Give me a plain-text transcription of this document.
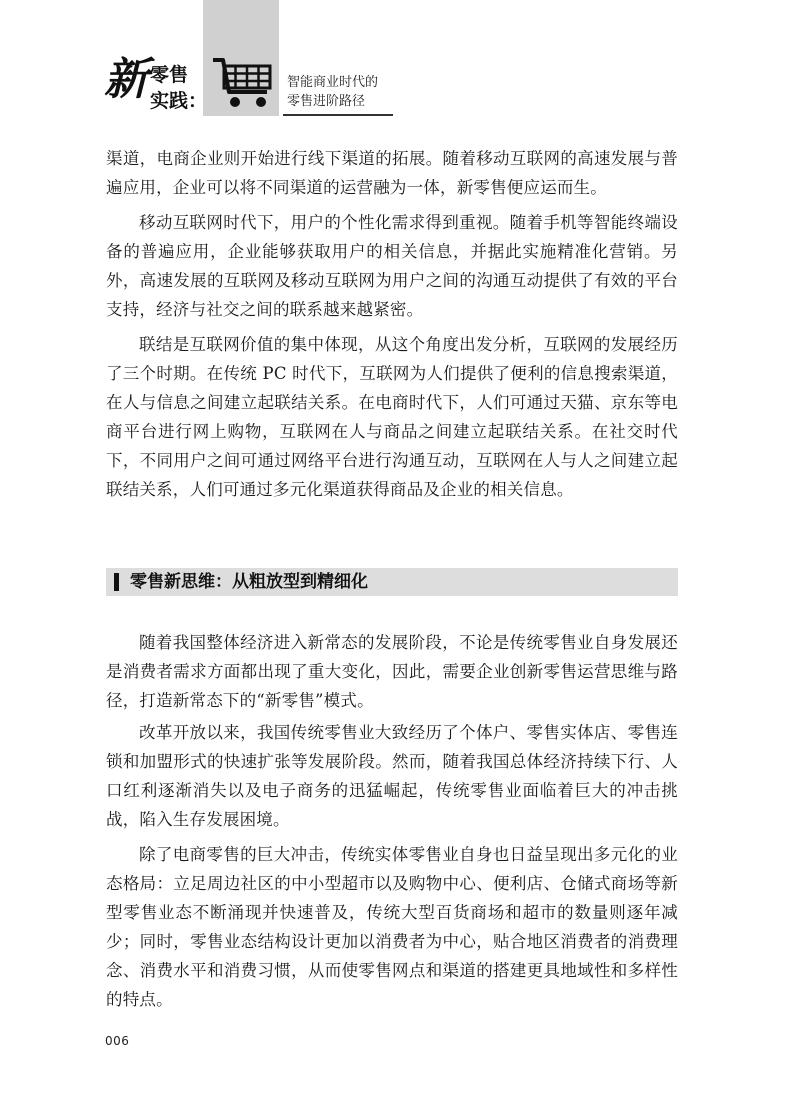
新 零售
实践：
智能商业时代的
零售进阶路径

渠道，电商企业则开始进行线下渠道的拓展。随着移动互联网的高速发展与普遍应用，企业可以将不同渠道的运营融为一体，新零售便应运而生。

移动互联网时代下，用户的个性化需求得到重视。随着手机等智能终端设备的普遍应用，企业能够获取用户的相关信息，并据此实施精准化营销。另外，高速发展的互联网及移动互联网为用户之间的沟通互动提供了有效的平台支持，经济与社交之间的联系越来越紧密。

联结是互联网价值的集中体现，从这个角度出发分析，互联网的发展经历了三个时期。在传统 PC 时代下，互联网为人们提供了便利的信息搜索渠道，在人与信息之间建立起联结关系。在电商时代下，人们可通过天猫、京东等电商平台进行网上购物，互联网在人与商品之间建立起联结关系。在社交时代下，不同用户之间可通过网络平台进行沟通互动，互联网在人与人之间建立起联结关系，人们可通过多元化渠道获得商品及企业的相关信息。

零售新思维：从粗放型到精细化

随着我国整体经济进入新常态的发展阶段，不论是传统零售业自身发展还是消费者需求方面都出现了重大变化，因此，需要企业创新零售运营思维与路径，打造新常态下的“新零售”模式。

改革开放以来，我国传统零售业大致经历了个体户、零售实体店、零售连锁和加盟形式的快速扩张等发展阶段。然而，随着我国总体经济持续下行、人口红利逐渐消失以及电子商务的迅猛崛起，传统零售业面临着巨大的冲击挑战，陷入生存发展困境。

除了电商零售的巨大冲击，传统实体零售业自身也日益呈现出多元化的业态格局：立足周边社区的中小型超市以及购物中心、便利店、仓储式商场等新型零售业态不断涌现并快速普及，传统大型百货商场和超市的数量则逐年减少；同时，零售业态结构设计更加以消费者为中心，贴合地区消费者的消费理念、消费水平和消费习惯，从而使零售网点和渠道的搭建更具地域性和多样性的特点。

006
